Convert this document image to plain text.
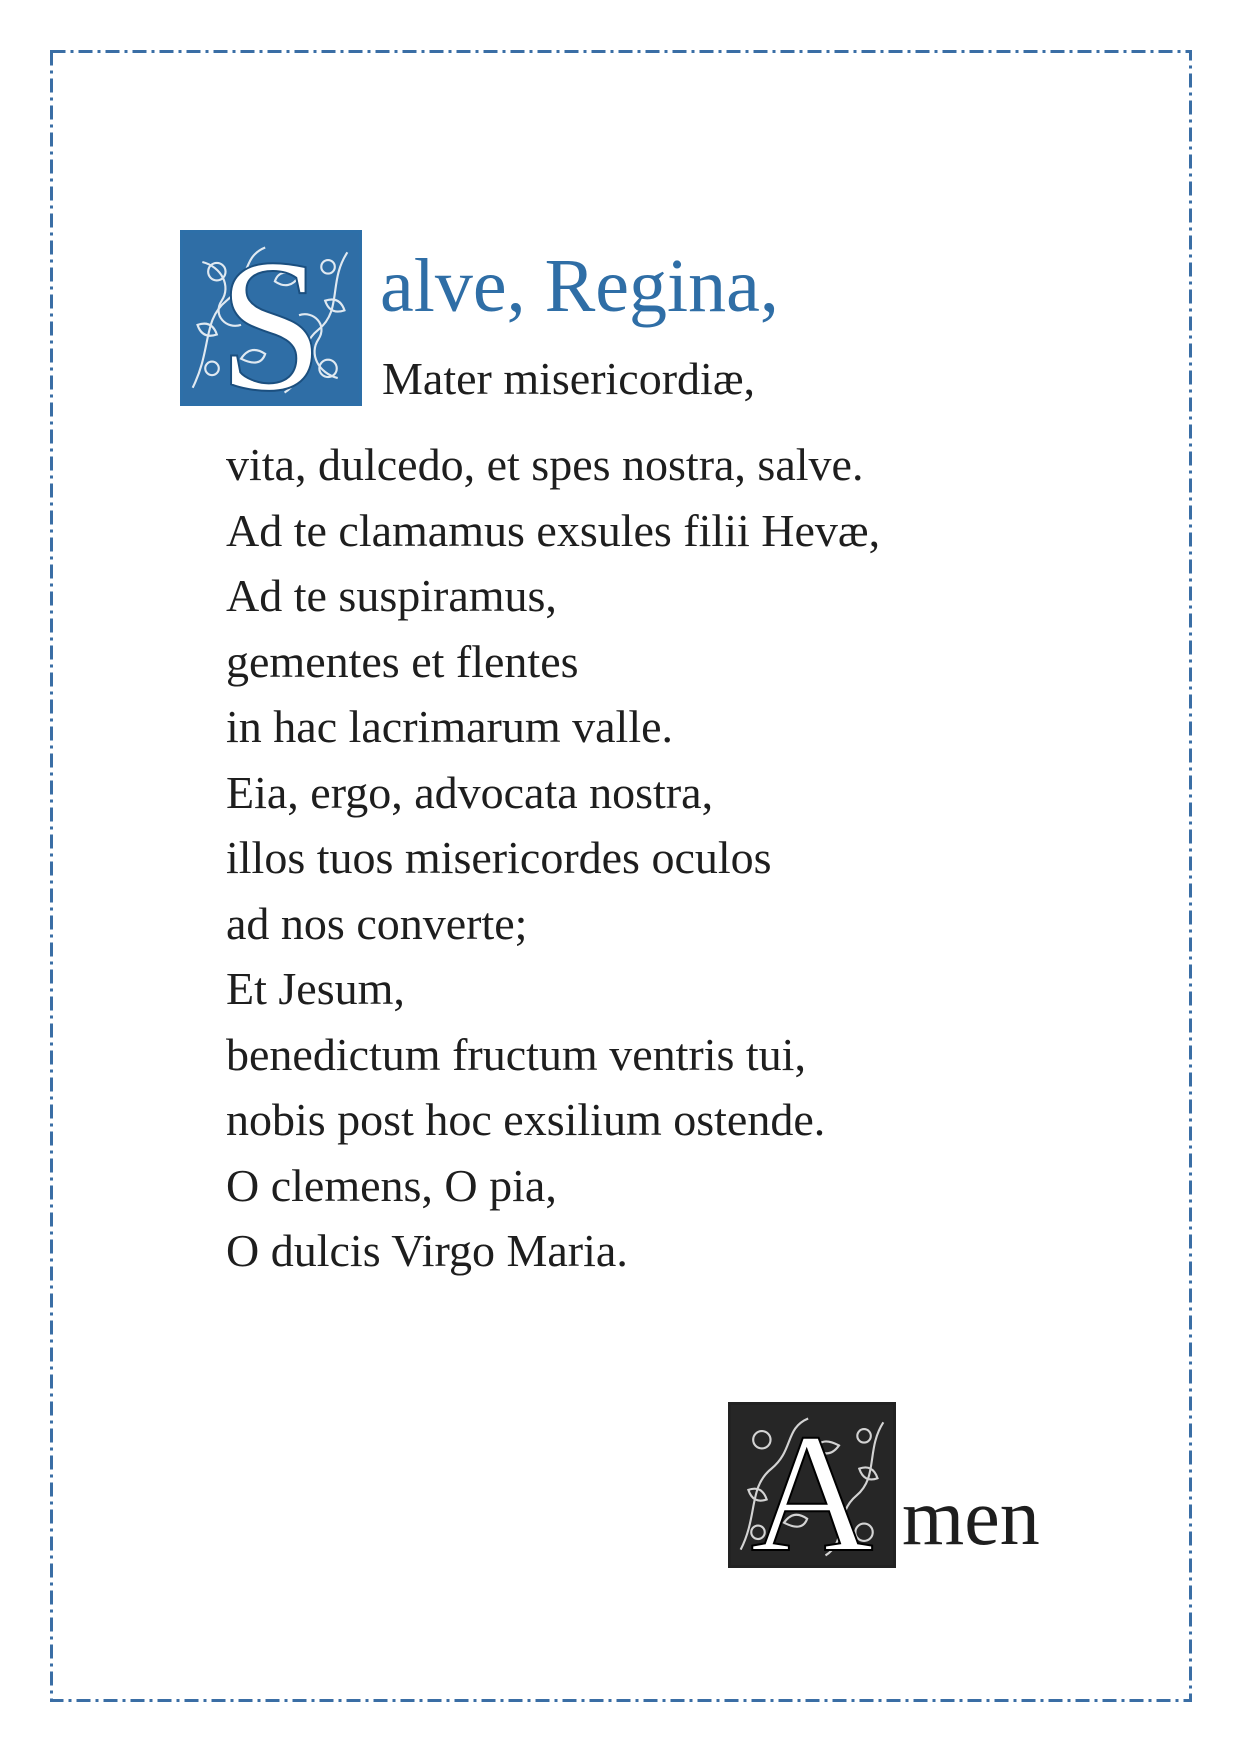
S alve, Regina,
Mater misericordiæ,
vita, dulcedo, et spes nostra, salve.
Ad te clamamus exsules filii Hevæ,
Ad te suspiramus,
gementes et flentes
in hac lacrimarum valle.
Eia, ergo, advocata nostra,
illos tuos misericordes oculos
ad nos converte;
Et Jesum,
benedictum fructum ventris tui,
nobis post hoc exsilium ostende.
O clemens, O pia,
O dulcis Virgo Maria.
A men
